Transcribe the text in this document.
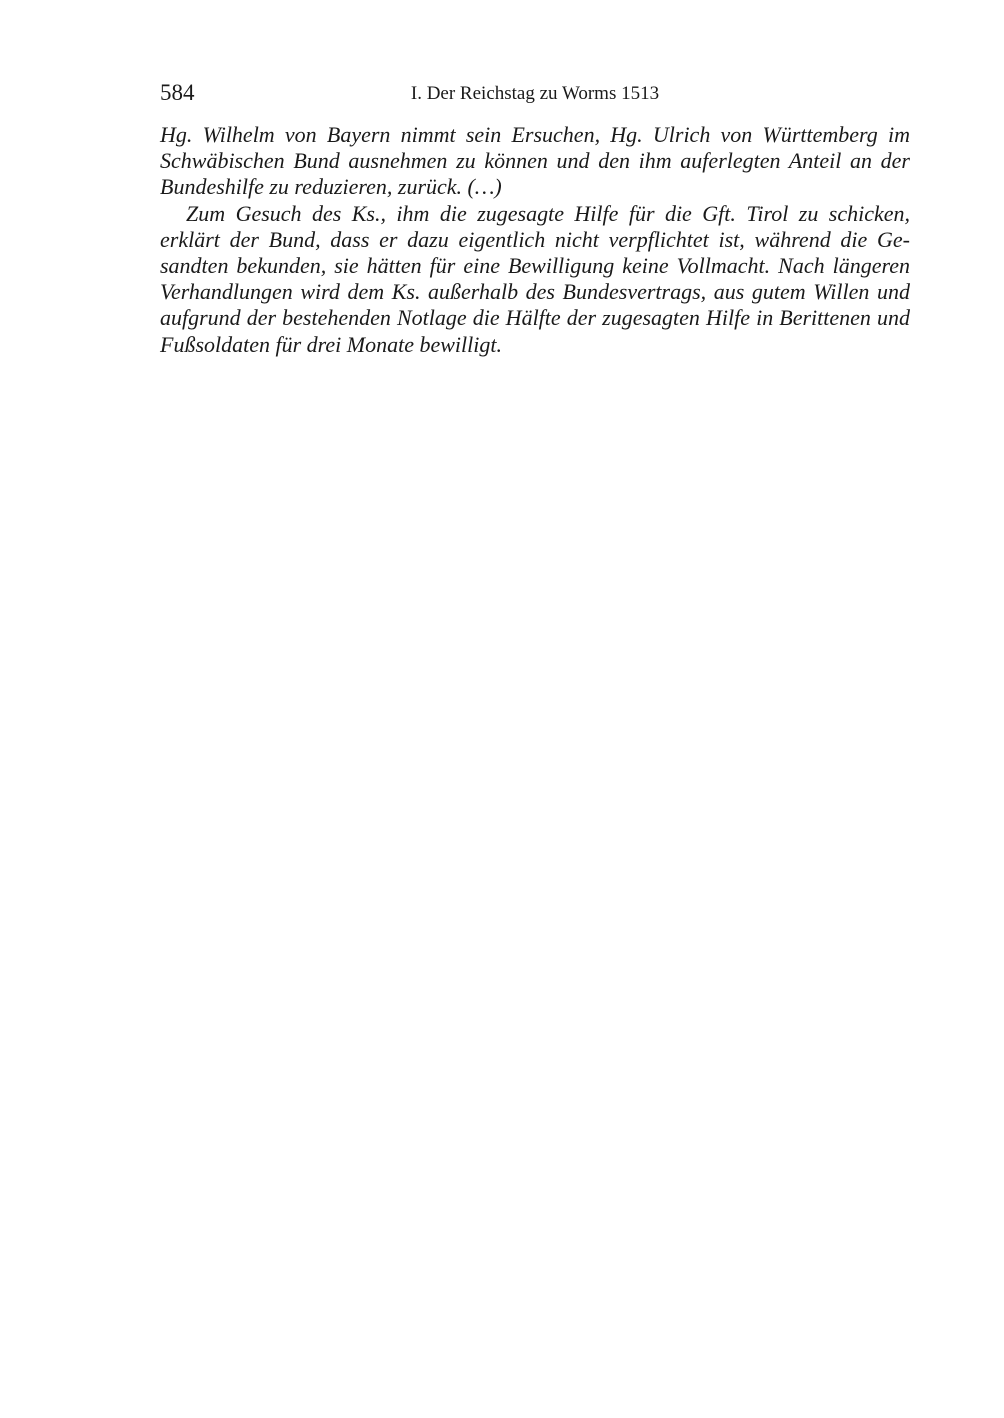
584	I. Der Reichstag zu Worms 1513

Hg. Wilhelm von Bayern nimmt sein Ersuchen, Hg. Ulrich von Württemberg im Schwäbischen Bund ausnehmen zu können und den ihm auferlegten Anteil an der Bundeshilfe zu reduzieren, zurück. (…)

Zum Gesuch des Ks., ihm die zugesagte Hilfe für die Gft. Tirol zu schicken, erklärt der Bund, dass er dazu eigentlich nicht verpflichtet ist, während die Gesandten bekunden, sie hätten für eine Bewilligung keine Vollmacht. Nach längeren Verhandlungen wird dem Ks. außerhalb des Bundesvertrags, aus gutem Willen und aufgrund der bestehenden Notlage die Hälfte der zugesagten Hilfe in Berittenen und Fußsoldaten für drei Monate bewilligt.
